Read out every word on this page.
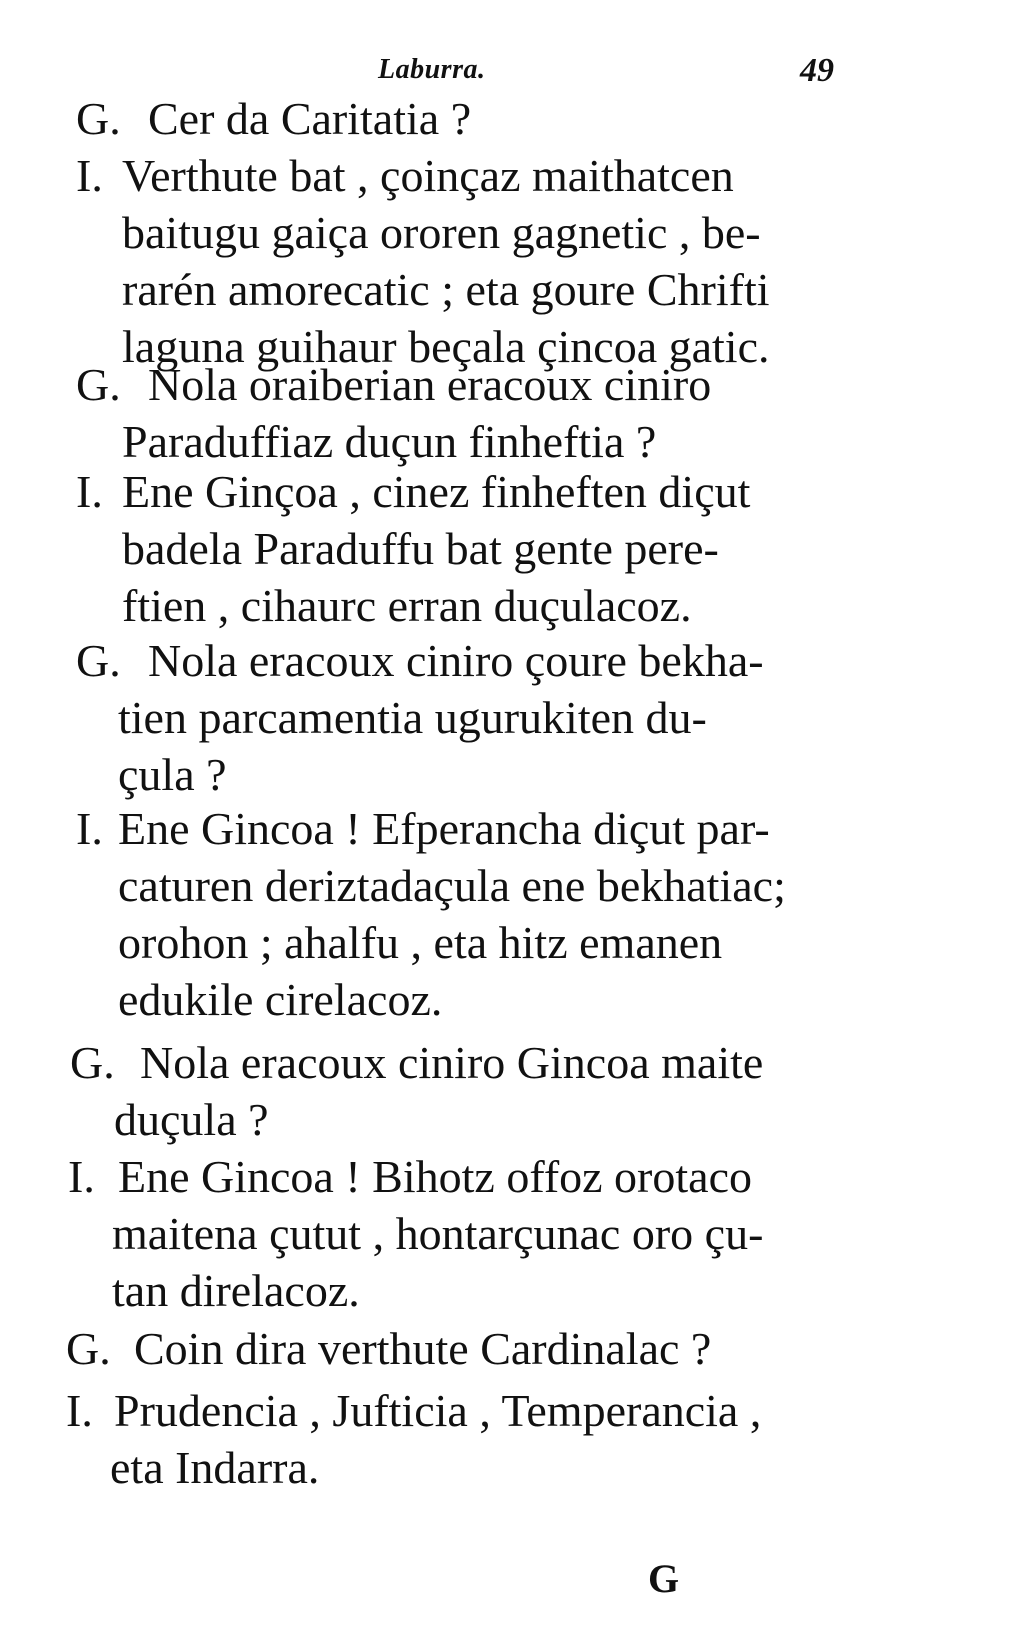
Laburra.	49
G. Cer da Caritatia ?
I. Verthute bat , çoinçaz maithatcen
baitugu gaiça ororen gagnetic , be-
rarén amorecatic ; eta goure Chrifti
laguna guihaur beçala çincoa gatic.
G. Nola oraiberian eracoux ciniro
Paraduffiaz duçun finheftia ?
I. Ene Ginçoa , cinez finheften diçut
badela Paraduffu bat gente pere-
ftien , cihaurc erran duçulacoz.
G. Nola eracoux ciniro çoure bekha-
tien parcamentia ugurukiten du-
çula ?
I. Ene Gincoa ! Efperancha diçut par-
caturen deriztadaçula ene bekhatiac;
orohon ; ahalfu , eta hitz emanen
edukile cirelacoz.
G. Nola eracoux ciniro Gincoa maite
duçula ?
I. Ene Gincoa ! Bihotz offoz orotaco
maitena çutut , hontarçunac oro çu-
tan direlacoz.
G. Coin dira verthute Cardinalac ?
I. Prudencia , Jufticia , Temperancia ,
eta Indarra.
G
